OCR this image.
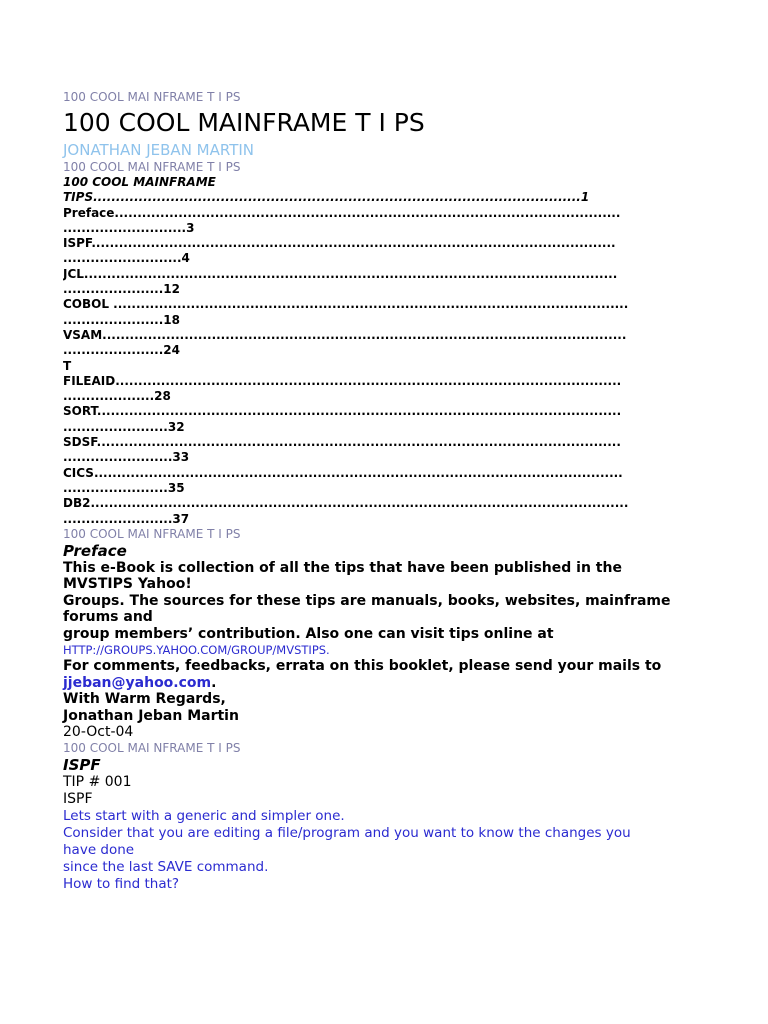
100 COOL MAI NFRAME T I PS
100 COOL MAINFRAME T I PS
JONATHAN JEBAN MARTIN
100 COOL MAI NFRAME T I PS
100 COOL MAINFRAME
TIPS...........................................................................................................1
Preface...............................................................................................................
...........................3
ISPF...................................................................................................................
..........................4
JCL.....................................................................................................................
......................12
COBOL .................................................................................................................
......................18
VSAM...................................................................................................................
......................24
T
FILEAID...............................................................................................................
....................28
SORT...................................................................................................................
.......................32
SDSF...................................................................................................................
........................33
CICS....................................................................................................................
.......................35
DB2......................................................................................................................
........................37
100 COOL MAI NFRAME T I PS
Preface
This e-Book is collection of all the tips that have been published in the
MVSTIPS Yahoo!
Groups. The sources for these tips are manuals, books, websites, mainframe
forums and
group members’ contribution. Also one can visit tips online at
HTTP://GROUPS.YAHOO.COM/GROUP/MVSTIPS.
For comments, feedbacks, errata on this booklet, please send your mails to
jjeban@yahoo.com.
With Warm Regards,
Jonathan Jeban Martin
20-Oct-04
100 COOL MAI NFRAME T I PS
ISPF
TIP # 001
ISPF
Lets start with a generic and simpler one.
Consider that you are editing a file/program and you want to know the changes you
have done
since the last SAVE command.
How to find that?
